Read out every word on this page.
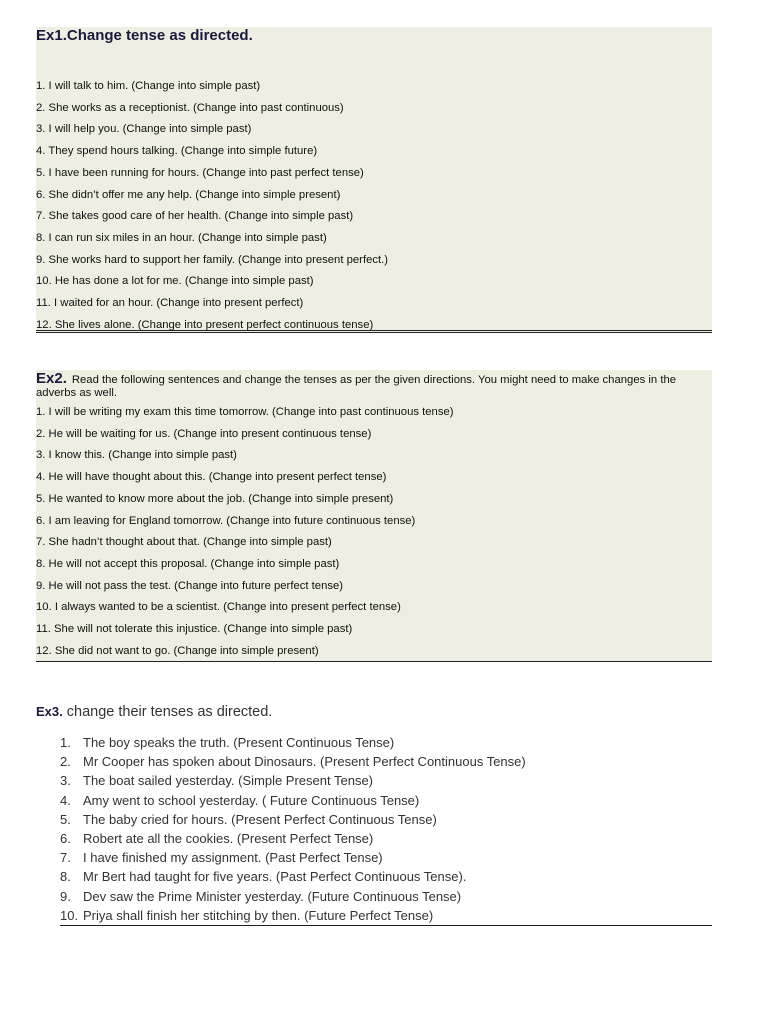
Ex1.Change tense as directed.
1. I will talk to him. (Change into simple past)
2. She works as a receptionist. (Change into past continuous)
3. I will help you. (Change into simple past)
4. They spend hours talking. (Change into simple future)
5. I have been running for hours. (Change into past perfect tense)
6. She didn’t offer me any help. (Change into simple present)
7. She takes good care of her health. (Change into simple past)
8. I can run six miles in an hour. (Change into simple past)
9. She works hard to support her family. (Change into present perfect.)
10. He has done a lot for me. (Change into simple past)
11. I waited for an hour. (Change into present perfect)
12. She lives alone. (Change into present perfect continuous tense)
Ex2. Read the following sentences and change the tenses as per the given directions. You might need to make changes in the adverbs as well.
1. I will be writing my exam this time tomorrow. (Change into past continuous tense)
2. He will be waiting for us. (Change into present continuous tense)
3. I know this. (Change into simple past)
4. He will have thought about this. (Change into present perfect tense)
5. He wanted to know more about the job. (Change into simple present)
6. I am leaving for England tomorrow. (Change into future continuous tense)
7. She hadn’t thought about that. (Change into simple past)
8. He will not accept this proposal. (Change into simple past)
9. He will not pass the test. (Change into future perfect tense)
10. I always wanted to be a scientist. (Change into present perfect tense)
11. She will not tolerate this injustice. (Change into simple past)
12. She did not want to go. (Change into simple present)
Ex3. change their tenses as directed.
1. The boy speaks the truth. (Present Continuous Tense)
2. Mr Cooper has spoken about Dinosaurs. (Present Perfect Continuous Tense)
3. The boat sailed yesterday. (Simple Present Tense)
4. Amy went to school yesterday. ( Future Continuous Tense)
5. The baby cried for hours. (Present Perfect Continuous Tense)
6. Robert ate all the cookies. (Present Perfect Tense)
7. I have finished my assignment. (Past Perfect Tense)
8. Mr Bert had taught for five years. (Past Perfect Continuous Tense).
9. Dev saw the Prime Minister yesterday. (Future Continuous Tense)
10. Priya shall finish her stitching by then. (Future Perfect Tense)
